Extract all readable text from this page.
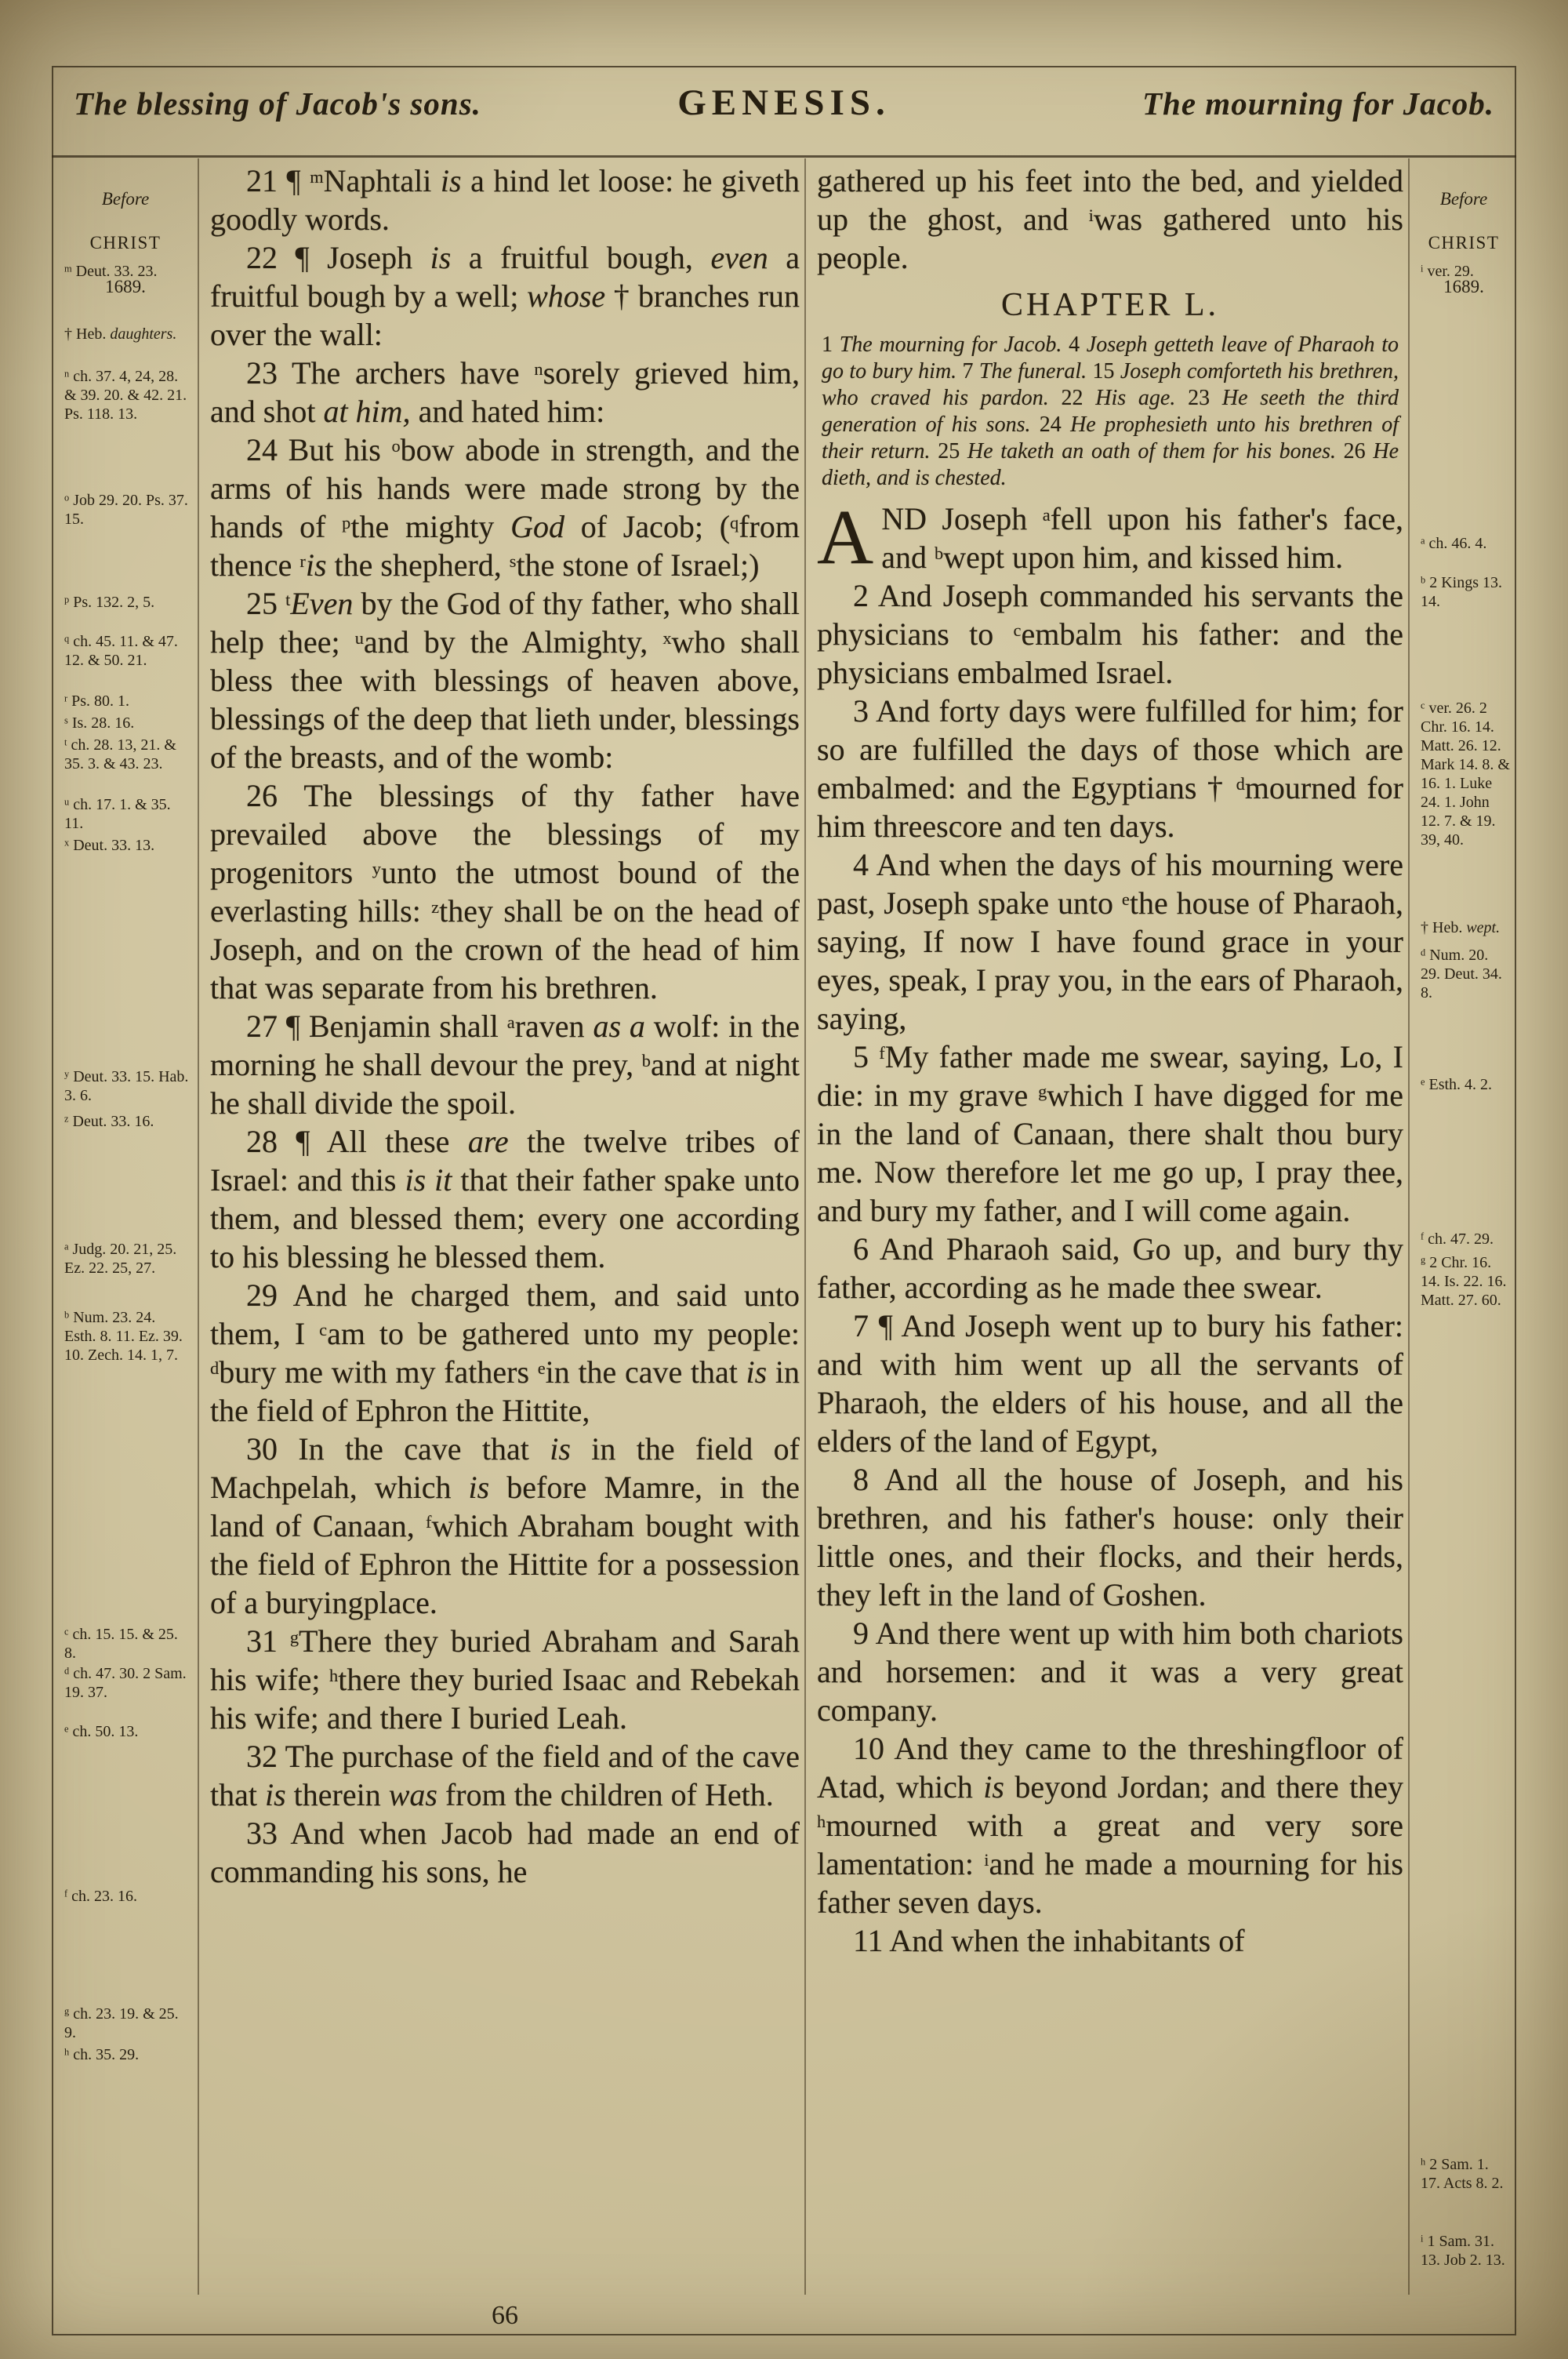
The blessing of Jacob's sons.	GENESIS.	The mourning for Jacob.

Before

CHRIST

1689.

$^m$ Deut. 33. 23.
† Heb. daughters.
$^n$ ch. 37. 4, 24, 28. & 39. 20. & 42. 21. Ps. 118. 13.
$^o$ Job 29. 20. Ps. 37. 15.
$^p$ Ps. 132. 2, 5.
$^q$ ch. 45. 11. & 47. 12. & 50. 21.
$^r$ Ps. 80. 1.
$^s$ Is. 28. 16.
$^t$ ch. 28. 13, 21. & 35. 3. & 43. 23.
$^u$ ch. 17. 1. & 35. 11.
$^x$ Deut. 33. 13.
$^y$ Deut. 33. 15. Hab. 3. 6.
$^z$ Deut. 33. 16.
$^a$ Judg. 20. 21, 25. Ez. 22. 25, 27.
$^b$ Num. 23. 24. Esth. 8. 11. Ez. 39. 10. Zech. 14. 1, 7.
$^c$ ch. 15. 15. & 25. 8.
$^d$ ch. 47. 30. 2 Sam. 19. 37.
$^e$ ch. 50. 13.
$^f$ ch. 23. 16.
$^g$ ch. 23. 19. & 25. 9.
$^h$ ch. 35. 29.

21 ¶ $^m$Naphtali is a hind let loose: he giveth goodly words.

22 ¶ Joseph is a fruitful bough, even a fruitful bough by a well; whose † branches run over the wall:

23 The archers have $^n$sorely grieved him, and shot at him, and hated him:

24 But his $^o$bow abode in strength, and the arms of his hands were made strong by the hands of $^p$the mighty God of Jacob; ($^q$from thence $^r$is the shepherd, $^s$the stone of Israel;)

25 $^t$Even by the God of thy father, who shall help thee; $^u$and by the Almighty, $^x$who shall bless thee with blessings of heaven above, blessings of the deep that lieth under, blessings of the breasts, and of the womb:

26 The blessings of thy father have prevailed above the blessings of my progenitors $^y$unto the utmost bound of the everlasting hills: $^z$they shall be on the head of Joseph, and on the crown of the head of him that was separate from his brethren.

27 ¶ Benjamin shall $^a$raven as a wolf: in the morning he shall devour the prey, $^b$and at night he shall divide the spoil.

28 ¶ All these are the twelve tribes of Israel: and this is it that their father spake unto them, and blessed them; every one according to his blessing he blessed them.

29 And he charged them, and said unto them, I $^c$am to be gathered unto my people: $^d$bury me with my fathers $^e$in the cave that is in the field of Ephron the Hittite,

30 In the cave that is in the field of Machpelah, which is before Mamre, in the land of Canaan, $^f$which Abraham bought with the field of Ephron the Hittite for a possession of a buryingplace.

31 $^g$There they buried Abraham and Sarah his wife; $^h$there they buried Isaac and Rebekah his wife; and there I buried Leah.

32 The purchase of the field and of the cave that is therein was from the children of Heth.

33 And when Jacob had made an end of commanding his sons, he

gathered up his feet into the bed, and yielded up the ghost, and $^i$was gathered unto his people.

CHAPTER L.

1 The mourning for Jacob. 4 Joseph getteth leave of Pharaoh to go to bury him. 7 The funeral. 15 Joseph comforteth his brethren, who craved his pardon. 22 His age. 23 He seeth the third generation of his sons. 24 He prophesieth unto his brethren of their return. 25 He taketh an oath of them for his bones. 26 He dieth, and is chested.

AND Joseph $^a$fell upon his father's face, and $^b$wept upon him, and kissed him.

2 And Joseph commanded his servants the physicians to $^c$embalm his father: and the physicians embalmed Israel.

3 And forty days were fulfilled for him; for so are fulfilled the days of those which are embalmed: and the Egyptians † $^d$mourned for him threescore and ten days.

4 And when the days of his mourning were past, Joseph spake unto $^e$the house of Pharaoh, saying, If now I have found grace in your eyes, speak, I pray you, in the ears of Pharaoh, saying,

5 $^f$My father made me swear, saying, Lo, I die: in my grave $^g$which I have digged for me in the land of Canaan, there shalt thou bury me. Now therefore let me go up, I pray thee, and bury my father, and I will come again.

6 And Pharaoh said, Go up, and bury thy father, according as he made thee swear.

7 ¶ And Joseph went up to bury his father: and with him went up all the servants of Pharaoh, the elders of his house, and all the elders of the land of Egypt,

8 And all the house of Joseph, and his brethren, and his father's house: only their little ones, and their flocks, and their herds, they left in the land of Goshen.

9 And there went up with him both chariots and horsemen: and it was a very great company.

10 And they came to the threshingfloor of Atad, which is beyond Jordan; and there they $^h$mourned with a great and very sore lamentation: $^i$and he made a mourning for his father seven days.

11 And when the inhabitants of

Before

CHRIST

1689.

$^i$ ver. 29.
$^a$ ch. 46. 4.
$^b$ 2 Kings 13. 14.
$^c$ ver. 26. 2 Chr. 16. 14. Matt. 26. 12. Mark 14. 8. & 16. 1. Luke 24. 1. John 12. 7. & 19. 39, 40.
† Heb. wept.
$^d$ Num. 20. 29. Deut. 34. 8.
$^e$ Esth. 4. 2.
$^f$ ch. 47. 29.
$^g$ 2 Chr. 16. 14. Is. 22. 16. Matt. 27. 60.
$^h$ 2 Sam. 1. 17. Acts 8. 2.
$^i$ 1 Sam. 31. 13. Job 2. 13.
66
